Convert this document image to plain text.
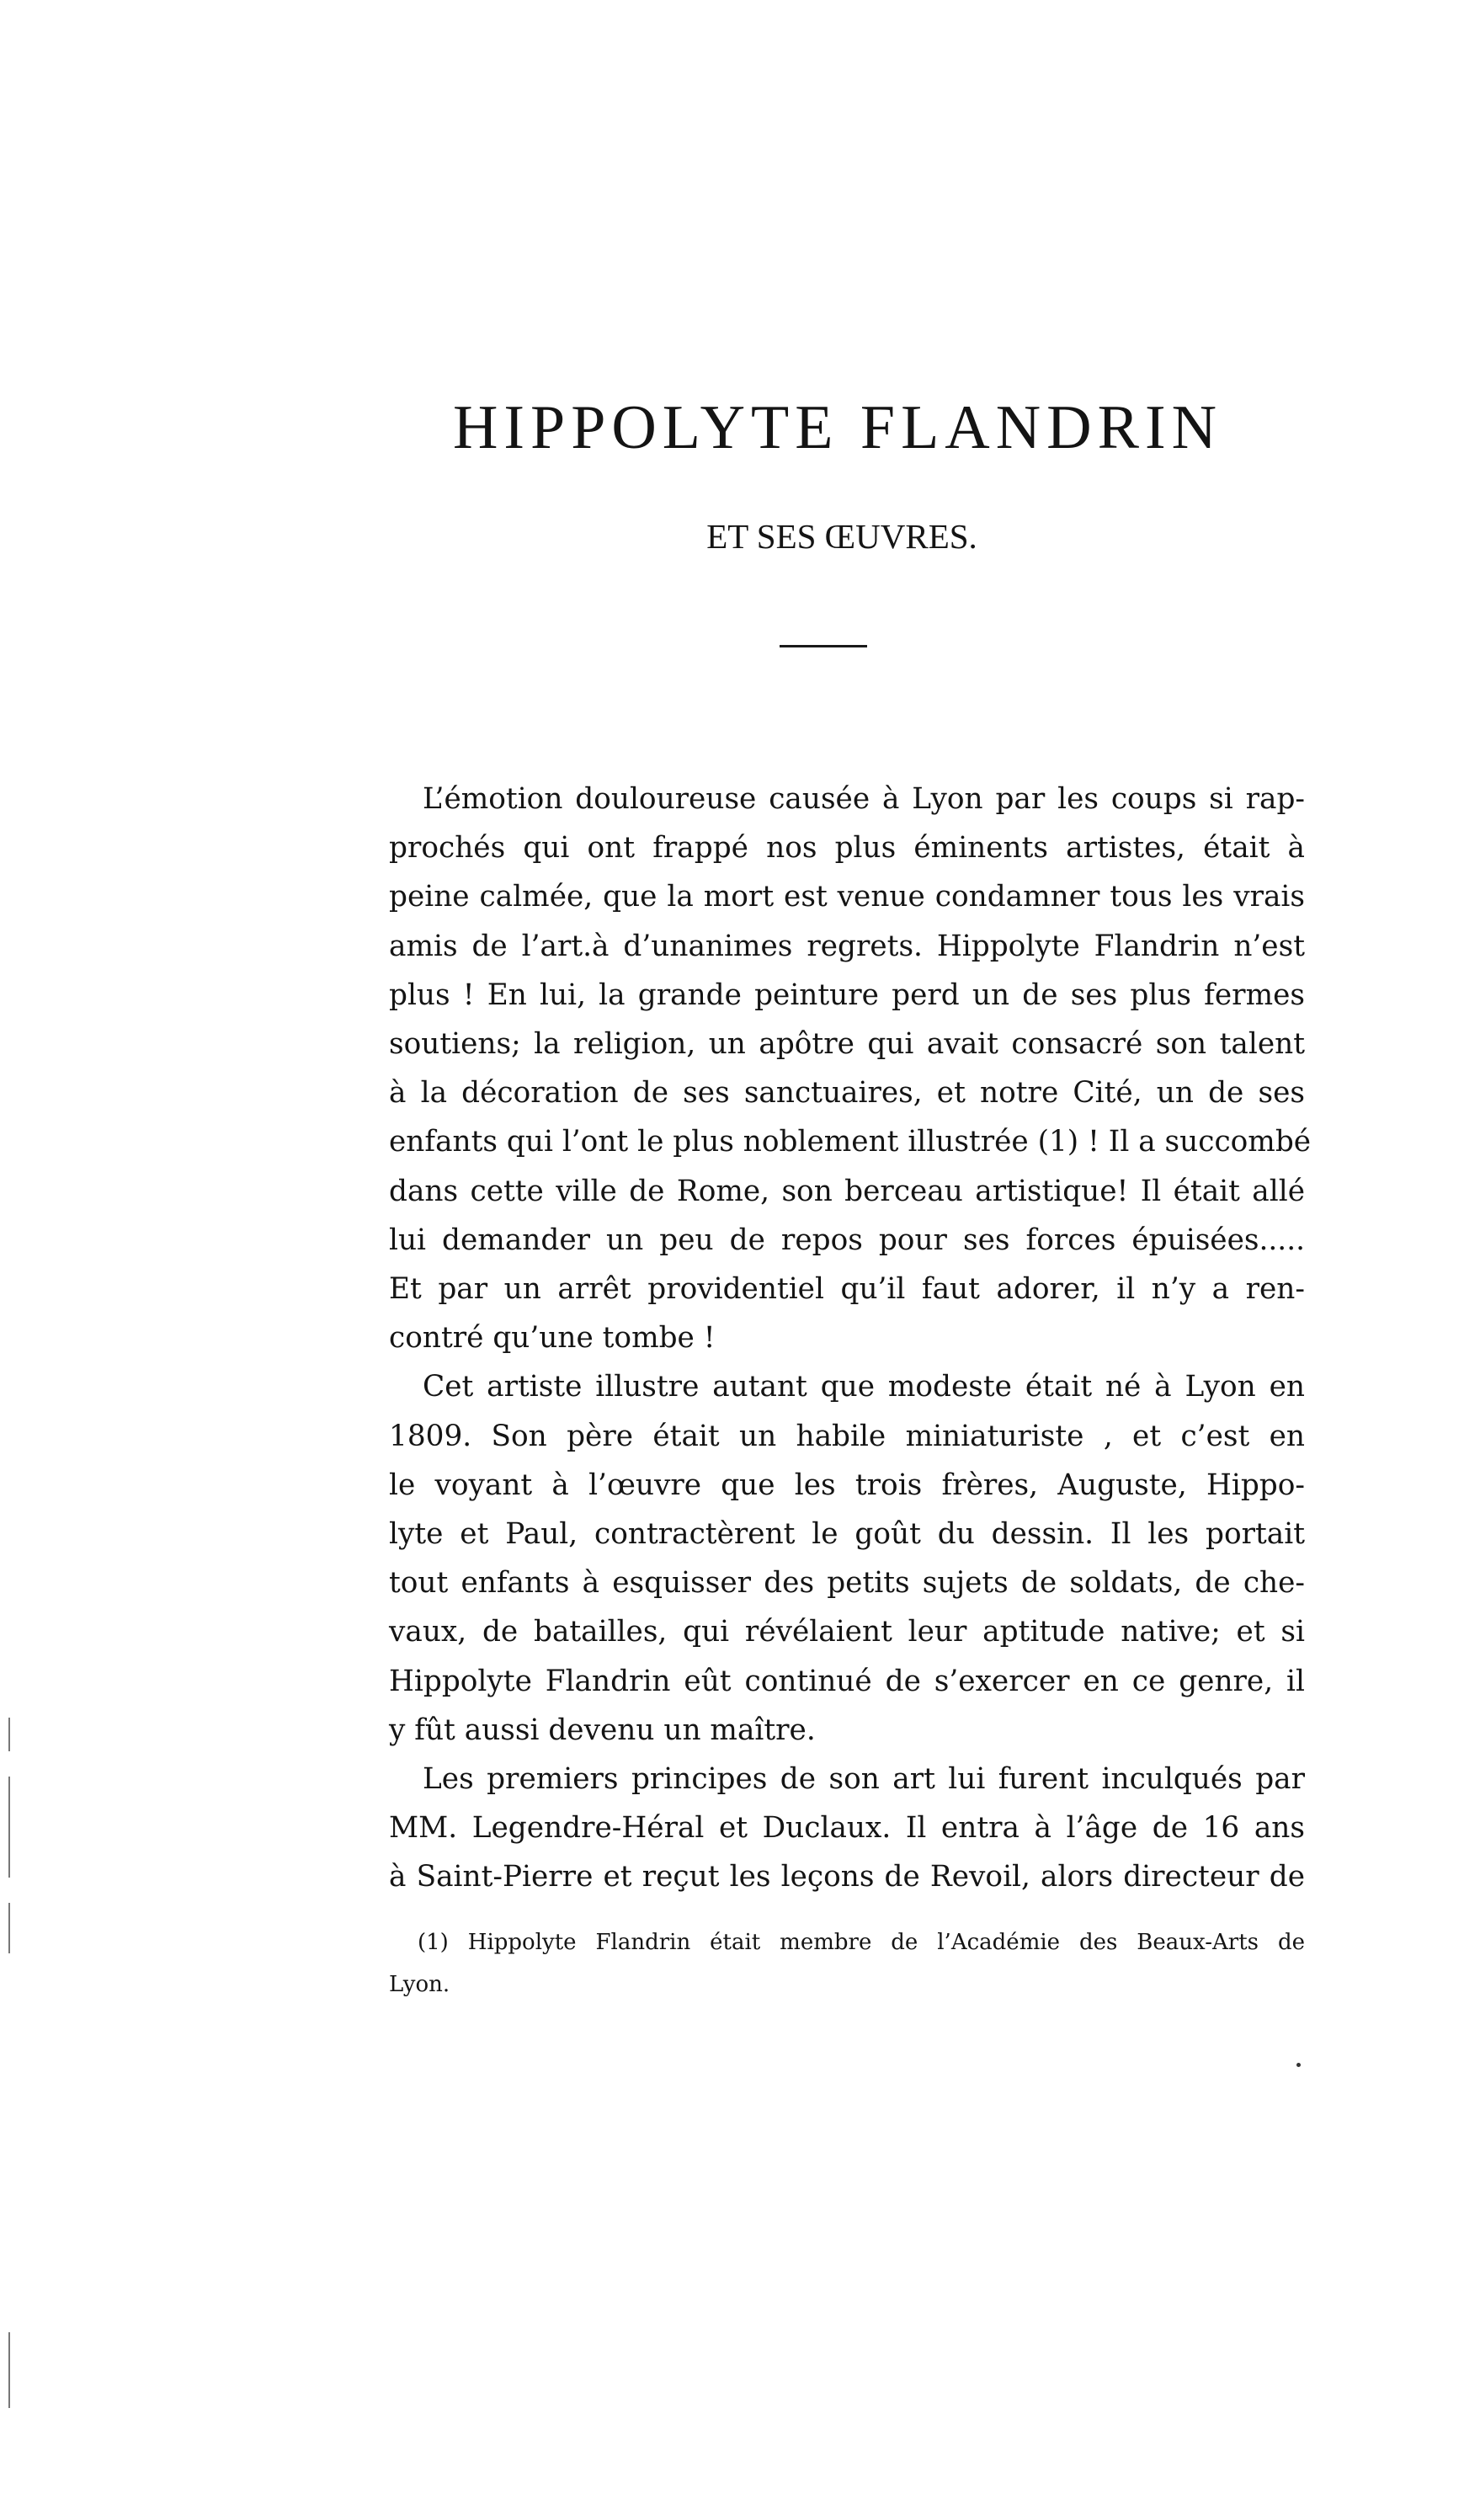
HIPPOLYTE FLANDRIN
ET SES ŒUVRES.

L’émotion douloureuse causée à Lyon par les coups si rap-
prochés qui ont frappé nos plus éminents artistes, était à
peine calmée, que la mort est venue condamner tous les vrais
amis de l’art.à d’unanimes regrets. Hippolyte Flandrin n’est
plus ! En lui, la grande peinture perd un de ses plus fermes
soutiens; la religion, un apôtre qui avait consacré son talent
à la décoration de ses sanctuaires, et notre Cité, un de ses
enfants qui l’ont le plus noblement illustrée (1) ! Il a succombé
dans cette ville de Rome, son berceau artistique! Il était allé
lui demander un peu de repos pour ses forces épuisées.....
Et par un arrêt providentiel qu’il faut adorer, il n’y a ren-
contré qu’une tombe !

Cet artiste illustre autant que modeste était né à Lyon en
1809. Son père était un habile miniaturiste , et c’est en
le voyant à l’œuvre que les trois frères, Auguste, Hippo-
lyte et Paul, contractèrent le goût du dessin. Il les portait
tout enfants à esquisser des petits sujets de soldats, de che-
vaux, de batailles, qui révélaient leur aptitude native; et si
Hippolyte Flandrin eût continué de s’exercer en ce genre, il
y fût aussi devenu un maître.

Les premiers principes de son art lui furent inculqués par
MM. Legendre-Héral et Duclaux. Il entra à l’âge de 16 ans
à Saint-Pierre et reçut les leçons de Revoil, alors directeur de

(1) Hippolyte Flandrin était membre de l’Académie des Beaux-Arts de
Lyon.
